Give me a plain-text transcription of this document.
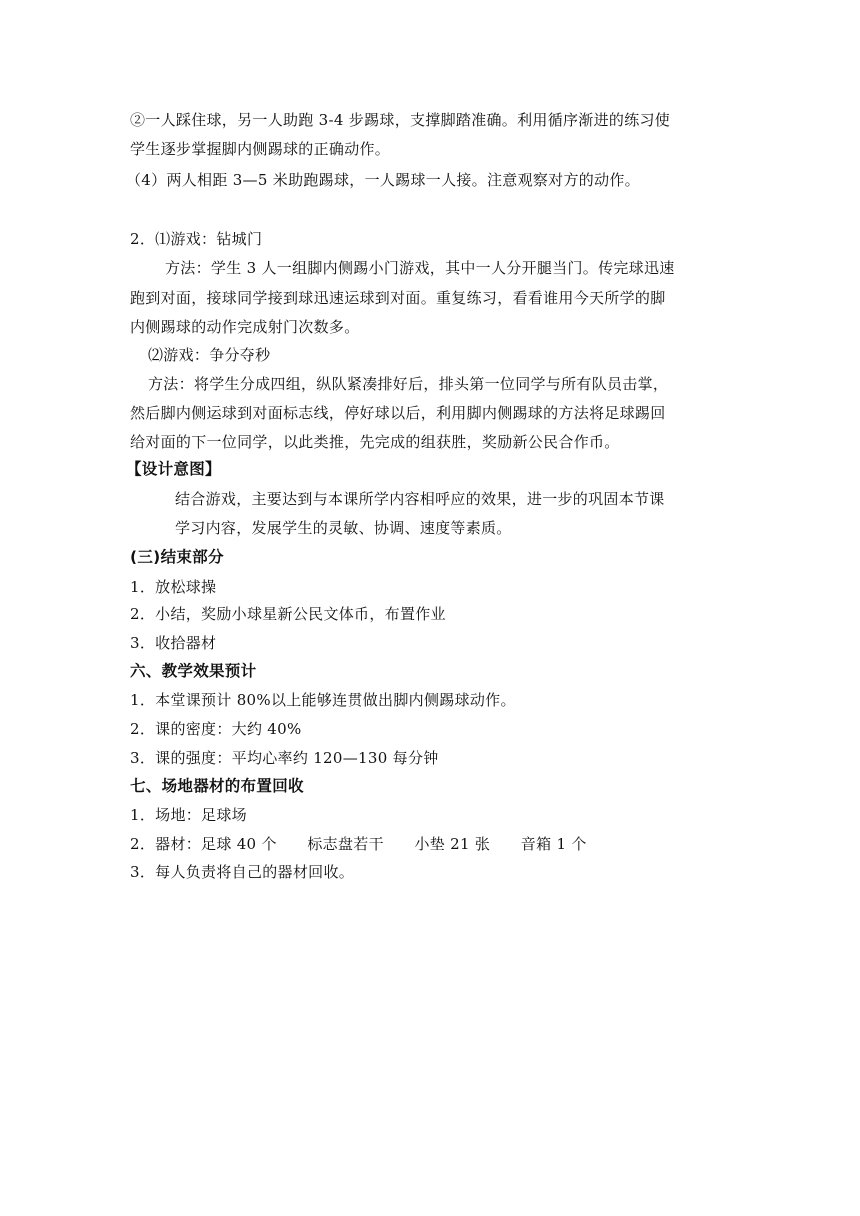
②一人踩住球，另一人助跑 3-4 步踢球，支撑脚踏准确。利用循序渐进的练习使
学生逐步掌握脚内侧踢球的正确动作。
（4）两人相距 3—5 米助跑踢球，一人踢球一人接。注意观察对方的动作。
2．⑴游戏：钻城门
方法：学生 3 人一组脚内侧踢小门游戏，其中一人分开腿当门。传完球迅速
跑到对面，接球同学接到球迅速运球到对面。重复练习，看看谁用今天所学的脚
内侧踢球的动作完成射门次数多。
⑵游戏：争分夺秒
方法：将学生分成四组，纵队紧凑排好后，排头第一位同学与所有队员击掌，
然后脚内侧运球到对面标志线，停好球以后，利用脚内侧踢球的方法将足球踢回
给对面的下一位同学，以此类推，先完成的组获胜，奖励新公民合作币。
【设计意图】
结合游戏，主要达到与本课所学内容相呼应的效果，进一步的巩固本节课
学习内容，发展学生的灵敏、协调、速度等素质。
(三)结束部分
1．放松球操
2．小结，奖励小球星新公民文体币，布置作业
3．收拾器材
六、教学效果预计
1．本堂课预计 80%以上能够连贯做出脚内侧踢球动作。
2．课的密度：大约 40%
3．课的强度：平均心率约 120—130 每分钟
七、场地器材的布置回收
1．场地：足球场
2．器材：足球 40 个　　标志盘若干　　小垫 21 张　　音箱 1 个
3．每人负责将自己的器材回收。
